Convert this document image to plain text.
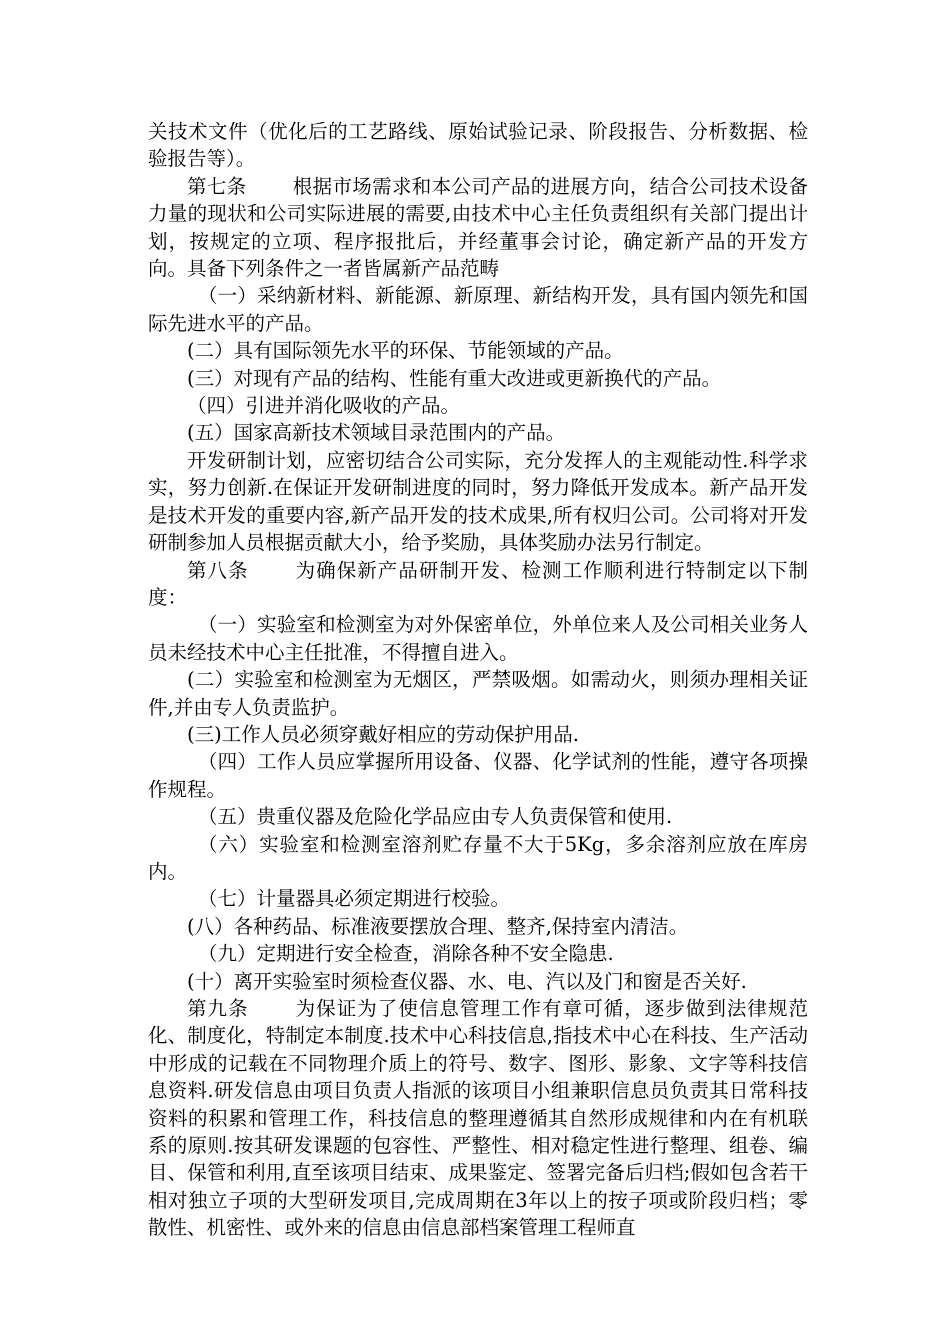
关技术文件（优化后的工艺路线、原始试验记录、阶段报告、分析数据、检验报告等）。

第七条 根据市场需求和本公司产品的进展方向，结合公司技术设备力量的现状和公司实际进展的需要,由技术中心主任负责组织有关部门提出计划，按规定的立项、程序报批后，并经董事会讨论，确定新产品的开发方向。具备下列条件之一者皆属新产品范畴

（一）采纳新材料、新能源、新原理、新结构开发，具有国内领先和国际先进水平的产品。

(二）具有国际领先水平的环保、节能领域的产品。

(三）对现有产品的结构、性能有重大改进或更新换代的产品。

（四）引进并消化吸收的产品。

(五）国家高新技术领域目录范围内的产品。

开发研制计划，应密切结合公司实际，充分发挥人的主观能动性.科学求实，努力创新.在保证开发研制进度的同时，努力降低开发成本。新产品开发是技术开发的重要内容,新产品开发的技术成果,所有权归公司。公司将对开发研制参加人员根据贡献大小，给予奖励，具体奖励办法另行制定。

第八条 为确保新产品研制开发、检测工作顺利进行特制定以下制度：

（一）实验室和检测室为对外保密单位，外单位来人及公司相关业务人员未经技术中心主任批准，不得擅自进入。

(二）实验室和检测室为无烟区，严禁吸烟。如需动火，则须办理相关证件,并由专人负责监护。

(三)工作人员必须穿戴好相应的劳动保护用品.

（四）工作人员应掌握所用设备、仪器、化学试剂的性能，遵守各项操作规程。

（五）贵重仪器及危险化学品应由专人负责保管和使用.

（六）实验室和检测室溶剂贮存量不大于5Kg，多余溶剂应放在库房内。

（七）计量器具必须定期进行校验。

(八）各种药品、标准液要摆放合理、整齐,保持室内清洁。

（九）定期进行安全检查，消除各种不安全隐患.

(十）离开实验室时须检查仪器、水、电、汽以及门和窗是否关好.

第九条 为保证为了使信息管理工作有章可循，逐步做到法律规范化、制度化，特制定本制度.技术中心科技信息,指技术中心在科技、生产活动中形成的记载在不同物理介质上的符号、数字、图形、影象、文字等科技信息资料.研发信息由项目负责人指派的该项目小组兼职信息员负责其日常科技资料的积累和管理工作，科技信息的整理遵循其自然形成规律和内在有机联系的原则.按其研发课题的包容性、严整性、相对稳定性进行整理、组卷、编目、保管和利用,直至该项目结束、成果鉴定、签署完备后归档;假如包含若干相对独立子项的大型研发项目,完成周期在3年以上的按子项或阶段归档；零散性、机密性、或外来的信息由信息部档案管理工程师直
